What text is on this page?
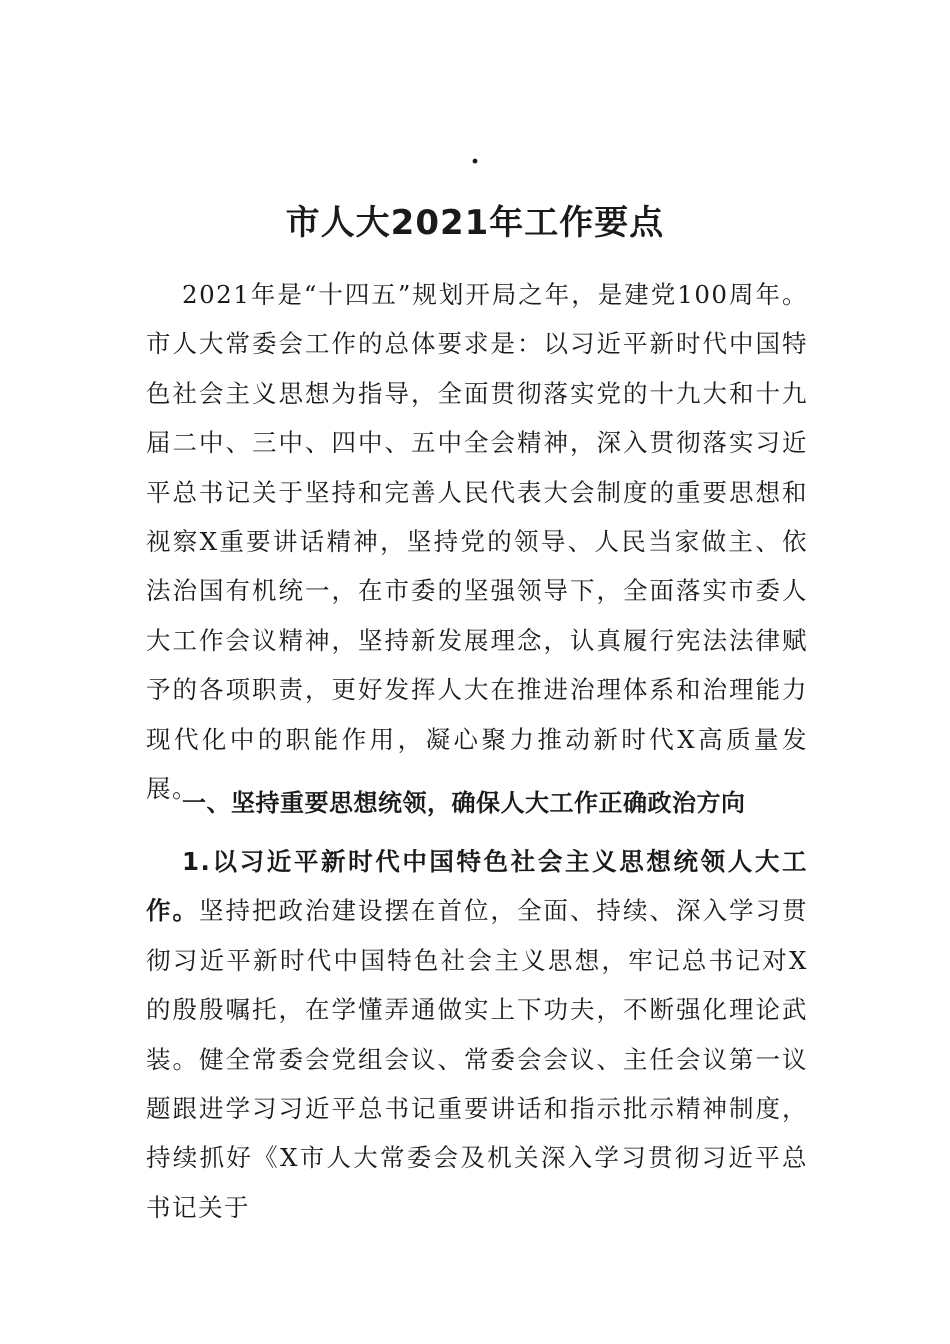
.
市人大2021年工作要点
2021年是“十四五”规划开局之年，是建党100周年。市人大常委会工作的总体要求是：以习近平新时代中国特色社会主义思想为指导，全面贯彻落实党的十九大和十九届二中、三中、四中、五中全会精神，深入贯彻落实习近平总书记关于坚持和完善人民代表大会制度的重要思想和视察X重要讲话精神，坚持党的领导、人民当家做主、依法治国有机统一，在市委的坚强领导下，全面落实市委人大工作会议精神，坚持新发展理念，认真履行宪法法律赋予的各项职责，更好发挥人大在推进治理体系和治理能力现代化中的职能作用，凝心聚力推动新时代X高质量发展。
一、坚持重要思想统领，确保人大工作正确政治方向
1.以习近平新时代中国特色社会主义思想统领人大工作。坚持把政治建设摆在首位，全面、持续、深入学习贯彻习近平新时代中国特色社会主义思想，牢记总书记对X的殷殷嘱托，在学懂弄通做实上下功夫，不断强化理论武装。健全常委会党组会议、常委会会议、主任会议第一议题跟进学习习近平总书记重要讲话和指示批示精神制度，持续抓好《X市人大常委会及机关深入学习贯彻习近平总书记关于
